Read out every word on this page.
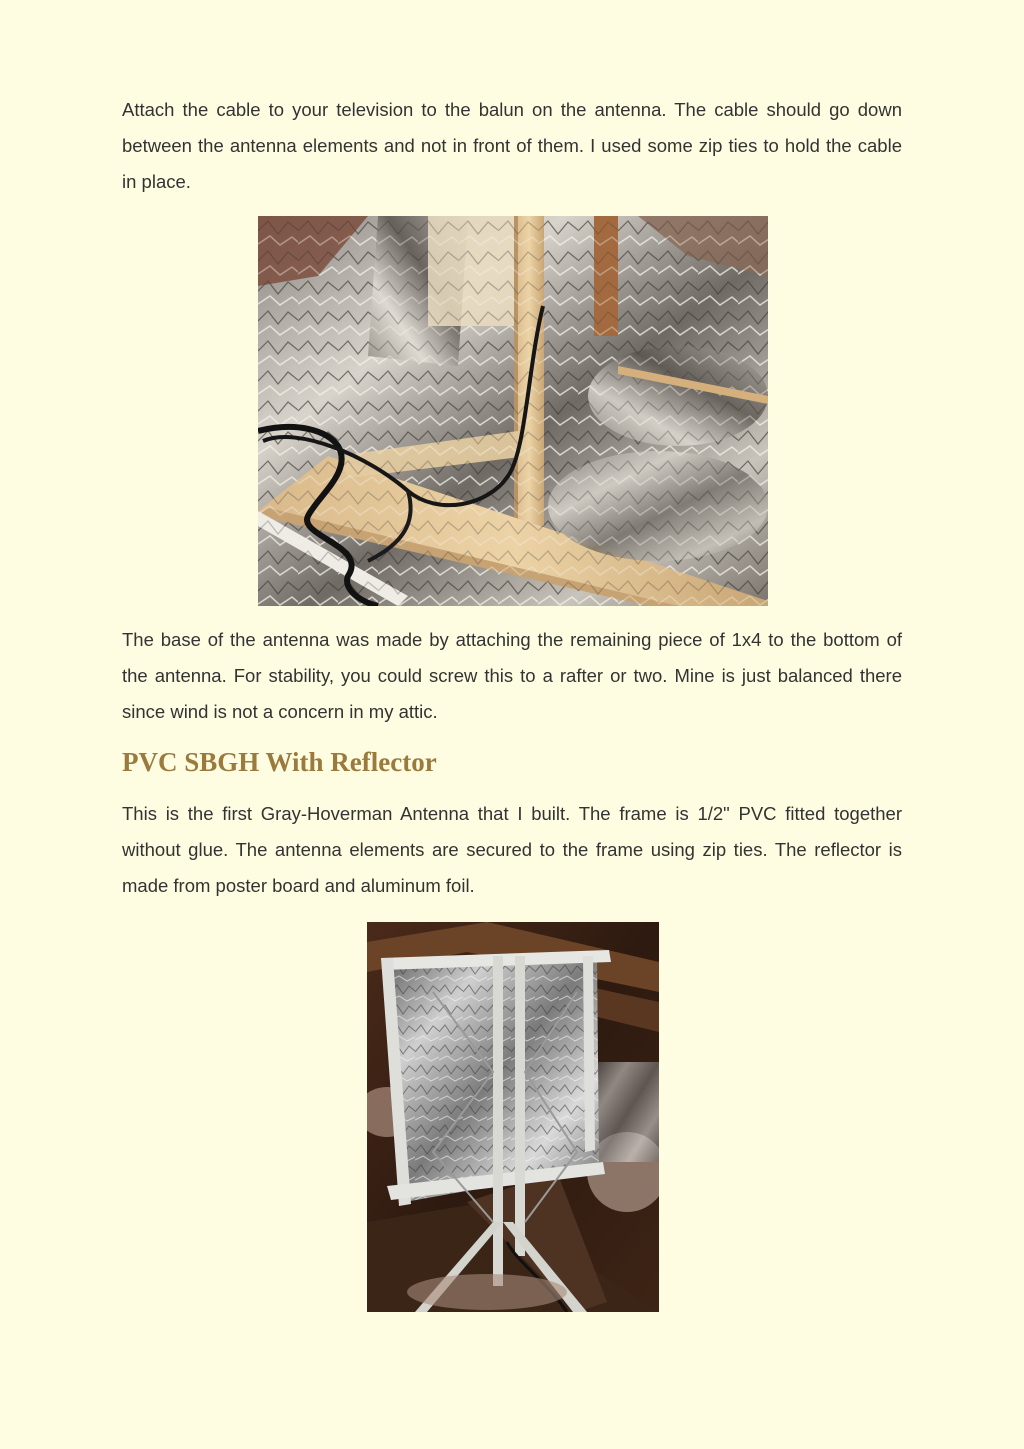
Attach the cable to your television to the balun on the antenna. The cable should go down between the antenna elements and not in front of them. I used some zip ties to hold the cable in place.

The base of the antenna was made by attaching the remaining piece of 1x4 to the bottom of the antenna. For stability, you could screw this to a rafter or two. Mine is just balanced there since wind is not a concern in my attic.

PVC SBGH With Reflector

This is the first Gray-Hoverman Antenna that I built. The frame is 1/2" PVC fitted together without glue. The antenna elements are secured to the frame using zip ties. The reflector is made from poster board and aluminum foil.
